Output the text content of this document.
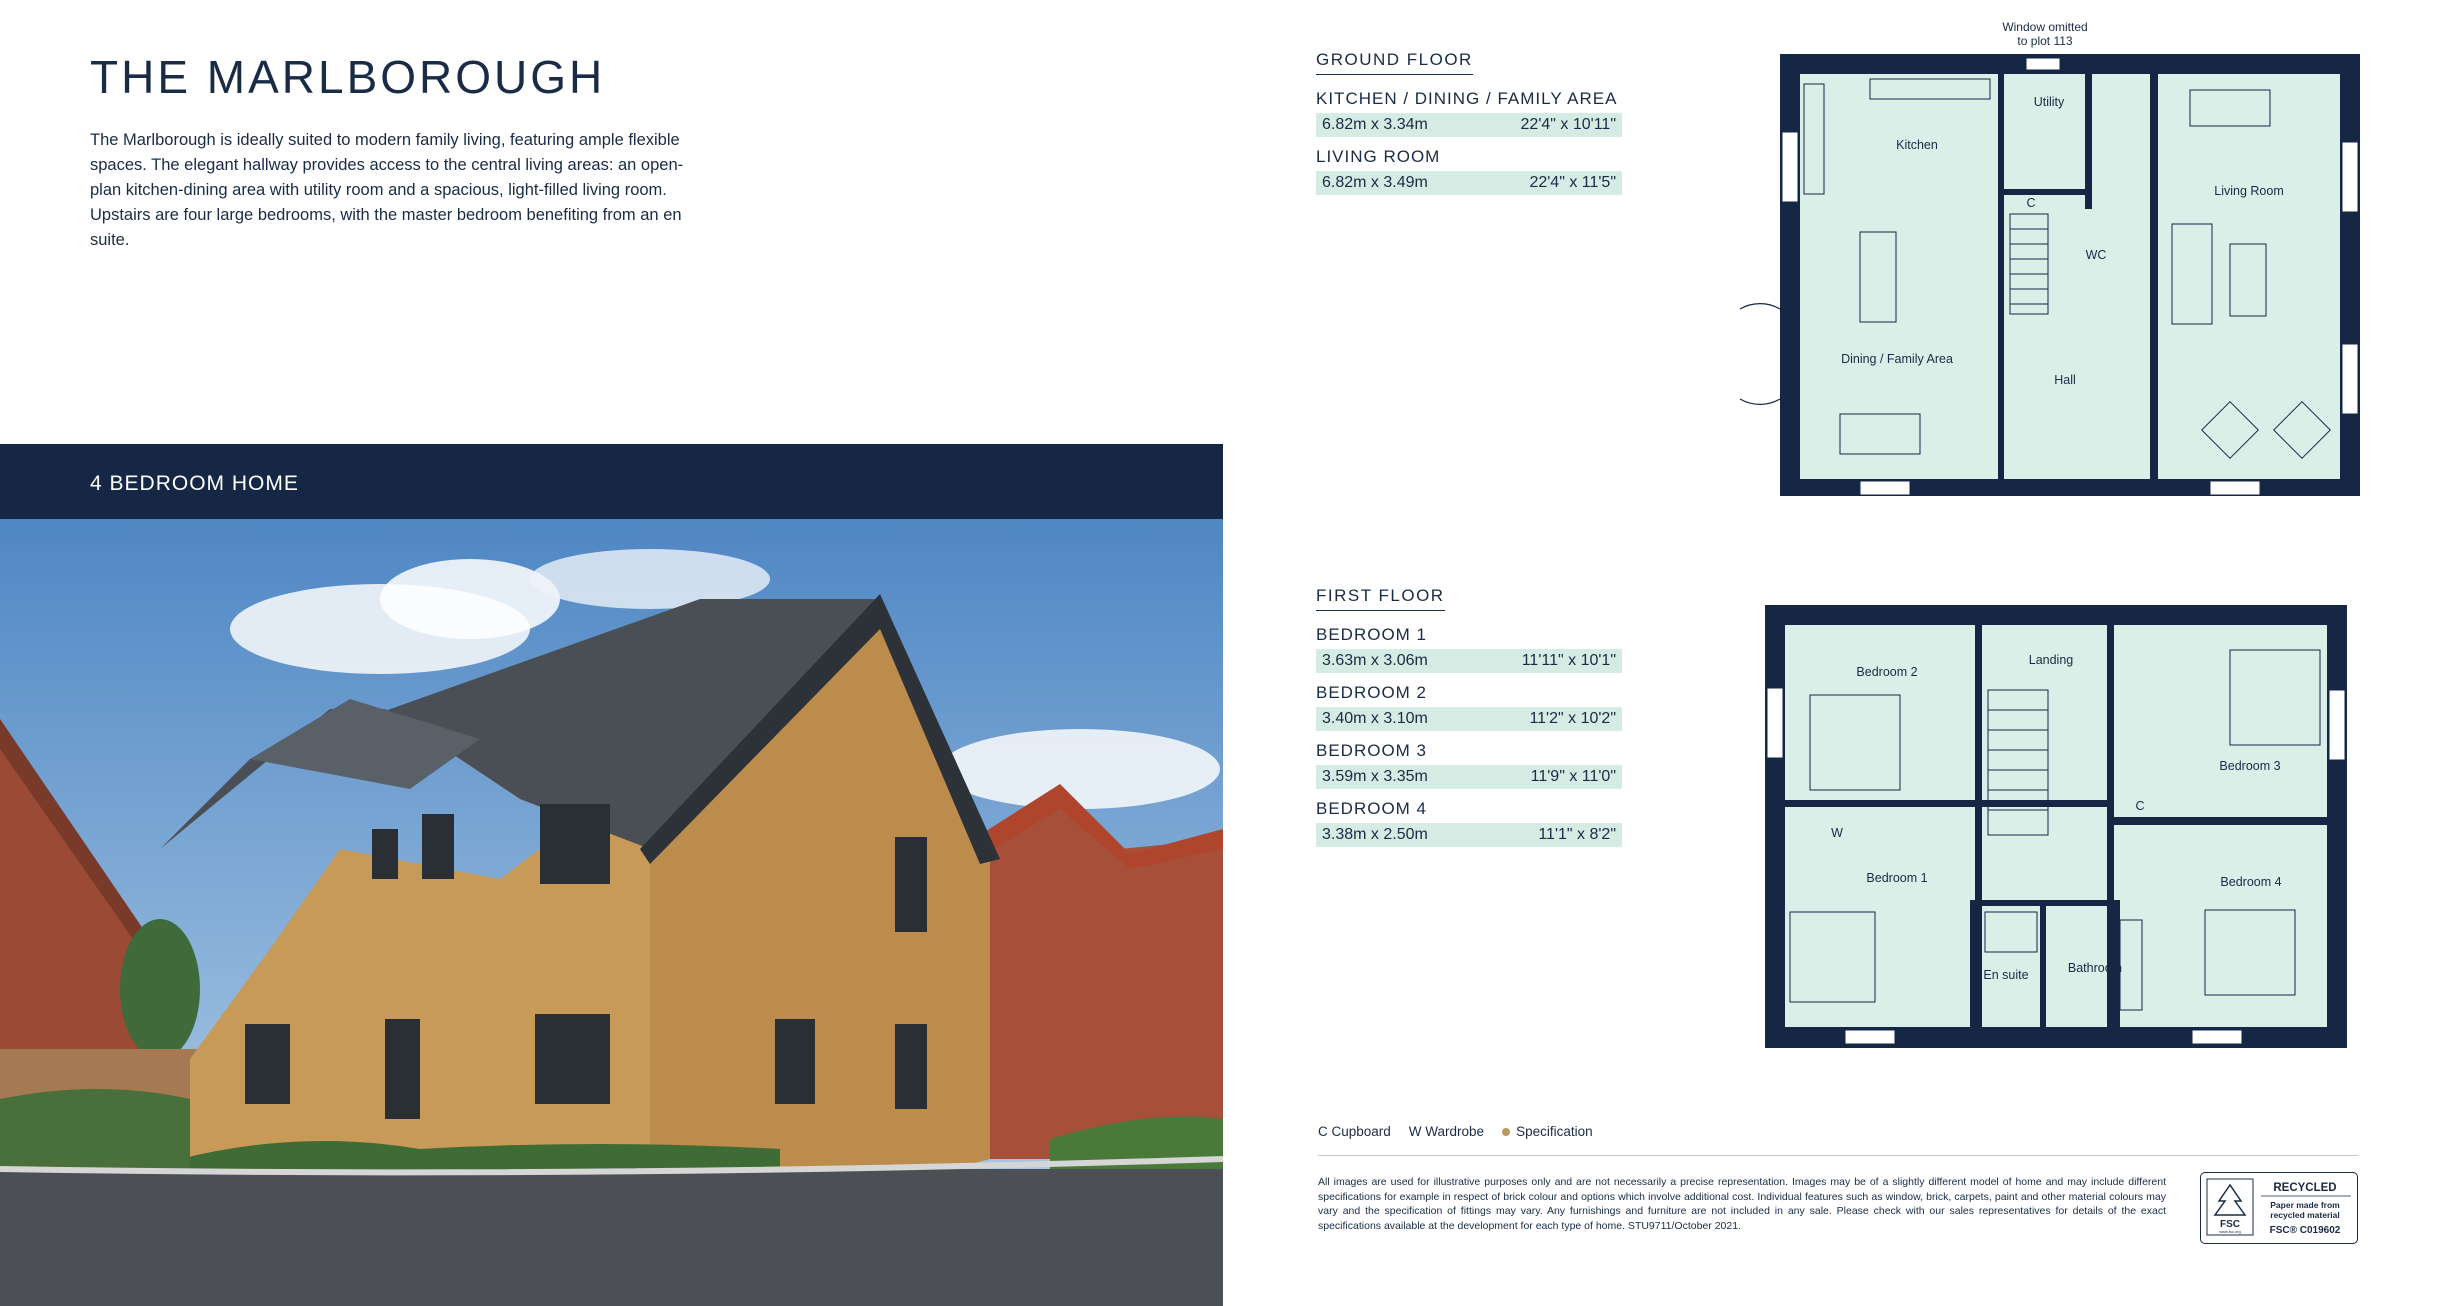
THE MARLBOROUGH

The Marlborough is ideally suited to modern family living, featuring ample flexible spaces. The elegant hallway provides access to the central living areas: an open-plan kitchen-dining area with utility room and a spacious, light-filled living room. Upstairs are four large bedrooms, with the master bedroom benefiting from an en suite.

4 BEDROOM HOME
GROUND FLOOR
KITCHEN / DINING / FAMILY AREA
6.82m x 3.34m	22'4" x 10'11"
LIVING ROOM
6.82m x 3.49m	22'4" x 11'5"
FIRST FLOOR
BEDROOM 1
3.63m x 3.06m	11'11" x 10'1"
BEDROOM 2
3.40m x 3.10m	11'2" x 10'2"
BEDROOM 3
3.59m x 3.35m	11'9" x 11'0"
BEDROOM 4
3.38m x 2.50m	11'1" x 8'2"
Window omitted
to plot 113
Kitchen
Utility
Living Room
C
WC
Dining / Family Area
Hall
Bedroom 2
Landing
Bedroom 3
C
W
Bedroom 1	Bedroom 4
En suite	Bathroom
C Cupboard W Wardrobe	Specification

All images are used for illustrative purposes only and are not necessarily a precise representation. Images may be of a slightly different model of home and may include different specifications for example in respect of brick colour and options which involve additional cost. Individual features such as window, brick, carpets, paint and other material colours may vary and the specification of fittings may vary. Any furnishings and furniture are not included in any sale. Please check with our sales representatives for details of the exact specifications available at the development for each type of home. STU9711/October 2021.	FSC
www.fsc.org
RECYCLED
Paper made from
recycled material
FSC® C019602
